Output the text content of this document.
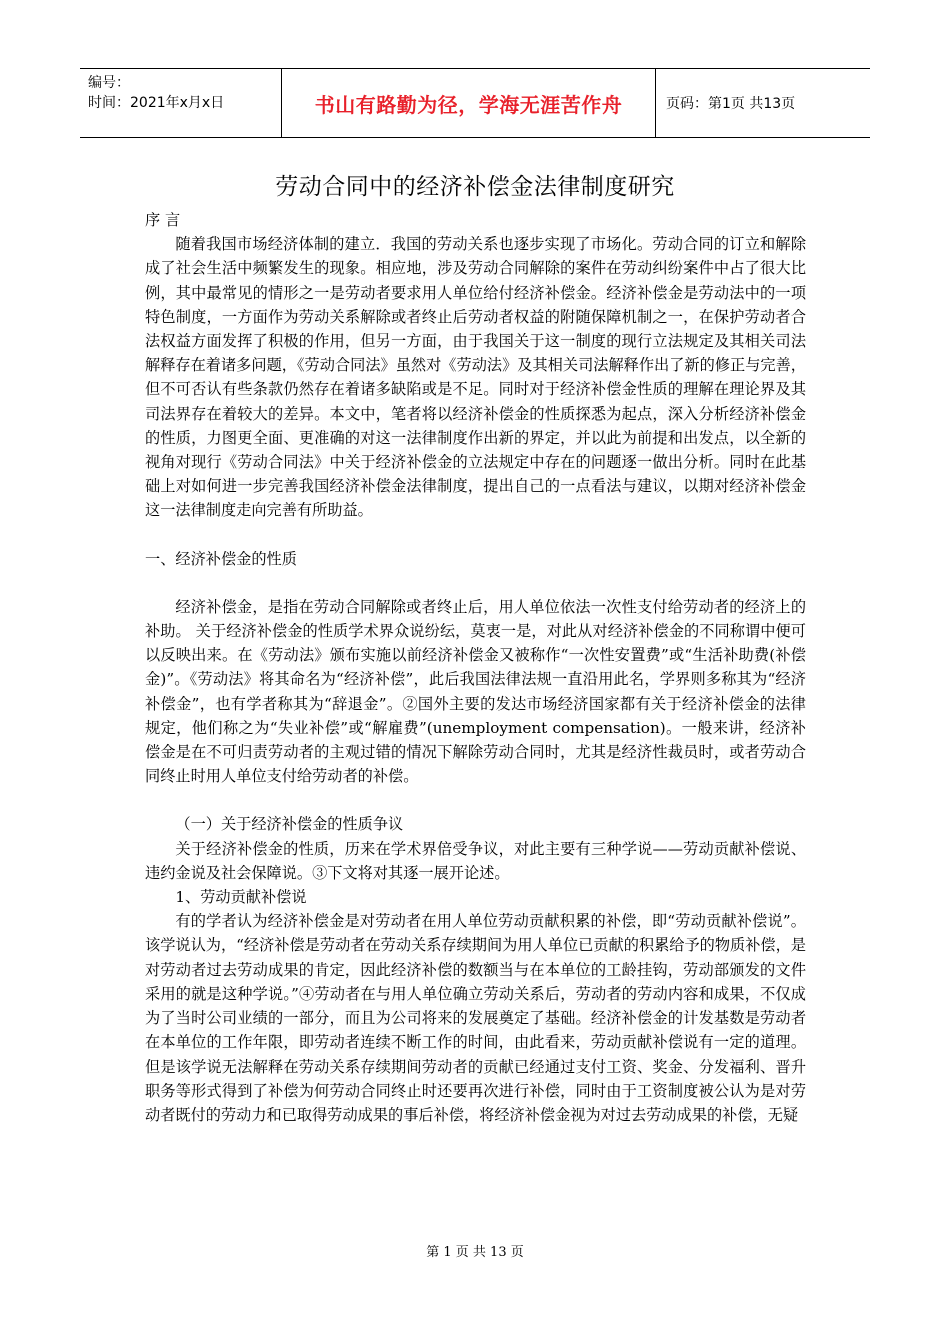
编号：
时间：2021年x月x日	书山有路勤为径，学海无涯苦作舟	页码：第1页 共13页
劳动合同中的经济补偿金法律制度研究

序 言

随着我国市场经济体制的建立．我国的劳动关系也逐步实现了市场化。劳动合同的订立和解除成了社会生活中频繁发生的现象。相应地，涉及劳动合同解除的案件在劳动纠纷案件中占了很大比例，其中最常见的情形之一是劳动者要求用人单位给付经济补偿金。经济补偿金是劳动法中的一项特色制度，一方面作为劳动关系解除或者终止后劳动者权益的附随保障机制之一，在保护劳动者合法权益方面发挥了积极的作用，但另一方面，由于我国关于这一制度的现行立法规定及其相关司法解释存在着诸多问题，《劳动合同法》虽然对《劳动法》及其相关司法解释作出了新的修正与完善，但不可否认有些条款仍然存在着诸多缺陷或是不足。同时对于经济补偿金性质的理解在理论界及其司法界存在着较大的差异。本文中，笔者将以经济补偿金的性质探悉为起点，深入分析经济补偿金的性质，力图更全面、更准确的对这一法律制度作出新的界定，并以此为前提和出发点，以全新的视角对现行《劳动合同法》中关于经济补偿金的立法规定中存在的问题逐一做出分析。同时在此基础上对如何进一步完善我国经济补偿金法律制度，提出自己的一点看法与建议，以期对经济补偿金这一法律制度走向完善有所助益。

一、经济补偿金的性质

经济补偿金，是指在劳动合同解除或者终止后，用人单位依法一次性支付给劳动者的经济上的补助。 关于经济补偿金的性质学术界众说纷纭，莫衷一是，对此从对经济补偿金的不同称谓中便可以反映出来。在《劳动法》颁布实施以前经济补偿金又被称作“一次性安置费”或“生活补助费(补偿金)”。《劳动法》将其命名为“经济补偿”，此后我国法律法规一直沿用此名，学界则多称其为“经济补偿金”，也有学者称其为“辞退金”。②国外主要的发达市场经济国家都有关于经济补偿金的法律规定，他们称之为“失业补偿”或“解雇费”(unemployment compensation)。一般来讲，经济补偿金是在不可归责劳动者的主观过错的情况下解除劳动合同时，尤其是经济性裁员时，或者劳动合同终止时用人单位支付给劳动者的补偿。

（一）关于经济补偿金的性质争议

关于经济补偿金的性质，历来在学术界倍受争议，对此主要有三种学说——劳动贡献补偿说、违约金说及社会保障说。③下文将对其逐一展开论述。

1、劳动贡献补偿说

有的学者认为经济补偿金是对劳动者在用人单位劳动贡献积累的补偿，即“劳动贡献补偿说”。该学说认为，“经济补偿是劳动者在劳动关系存续期间为用人单位已贡献的积累给予的物质补偿，是对劳动者过去劳动成果的肯定，因此经济补偿的数额当与在本单位的工龄挂钩，劳动部颁发的文件采用的就是这种学说。”④劳动者在与用人单位确立劳动关系后，劳动者的劳动内容和成果，不仅成为了当时公司业绩的一部分，而且为公司将来的发展奠定了基础。经济补偿金的计发基数是劳动者在本单位的工作年限，即劳动者连续不断工作的时间，由此看来，劳动贡献补偿说有一定的道理。但是该学说无法解释在劳动关系存续期间劳动者的贡献已经通过支付工资、奖金、分发福利、晋升职务等形式得到了补偿为何劳动合同终止时还要再次进行补偿，同时由于工资制度被公认为是对劳动者既付的劳动力和已取得劳动成果的事后补偿，将经济补偿金视为对过去劳动成果的补偿，无疑

第 1 页 共 13 页
